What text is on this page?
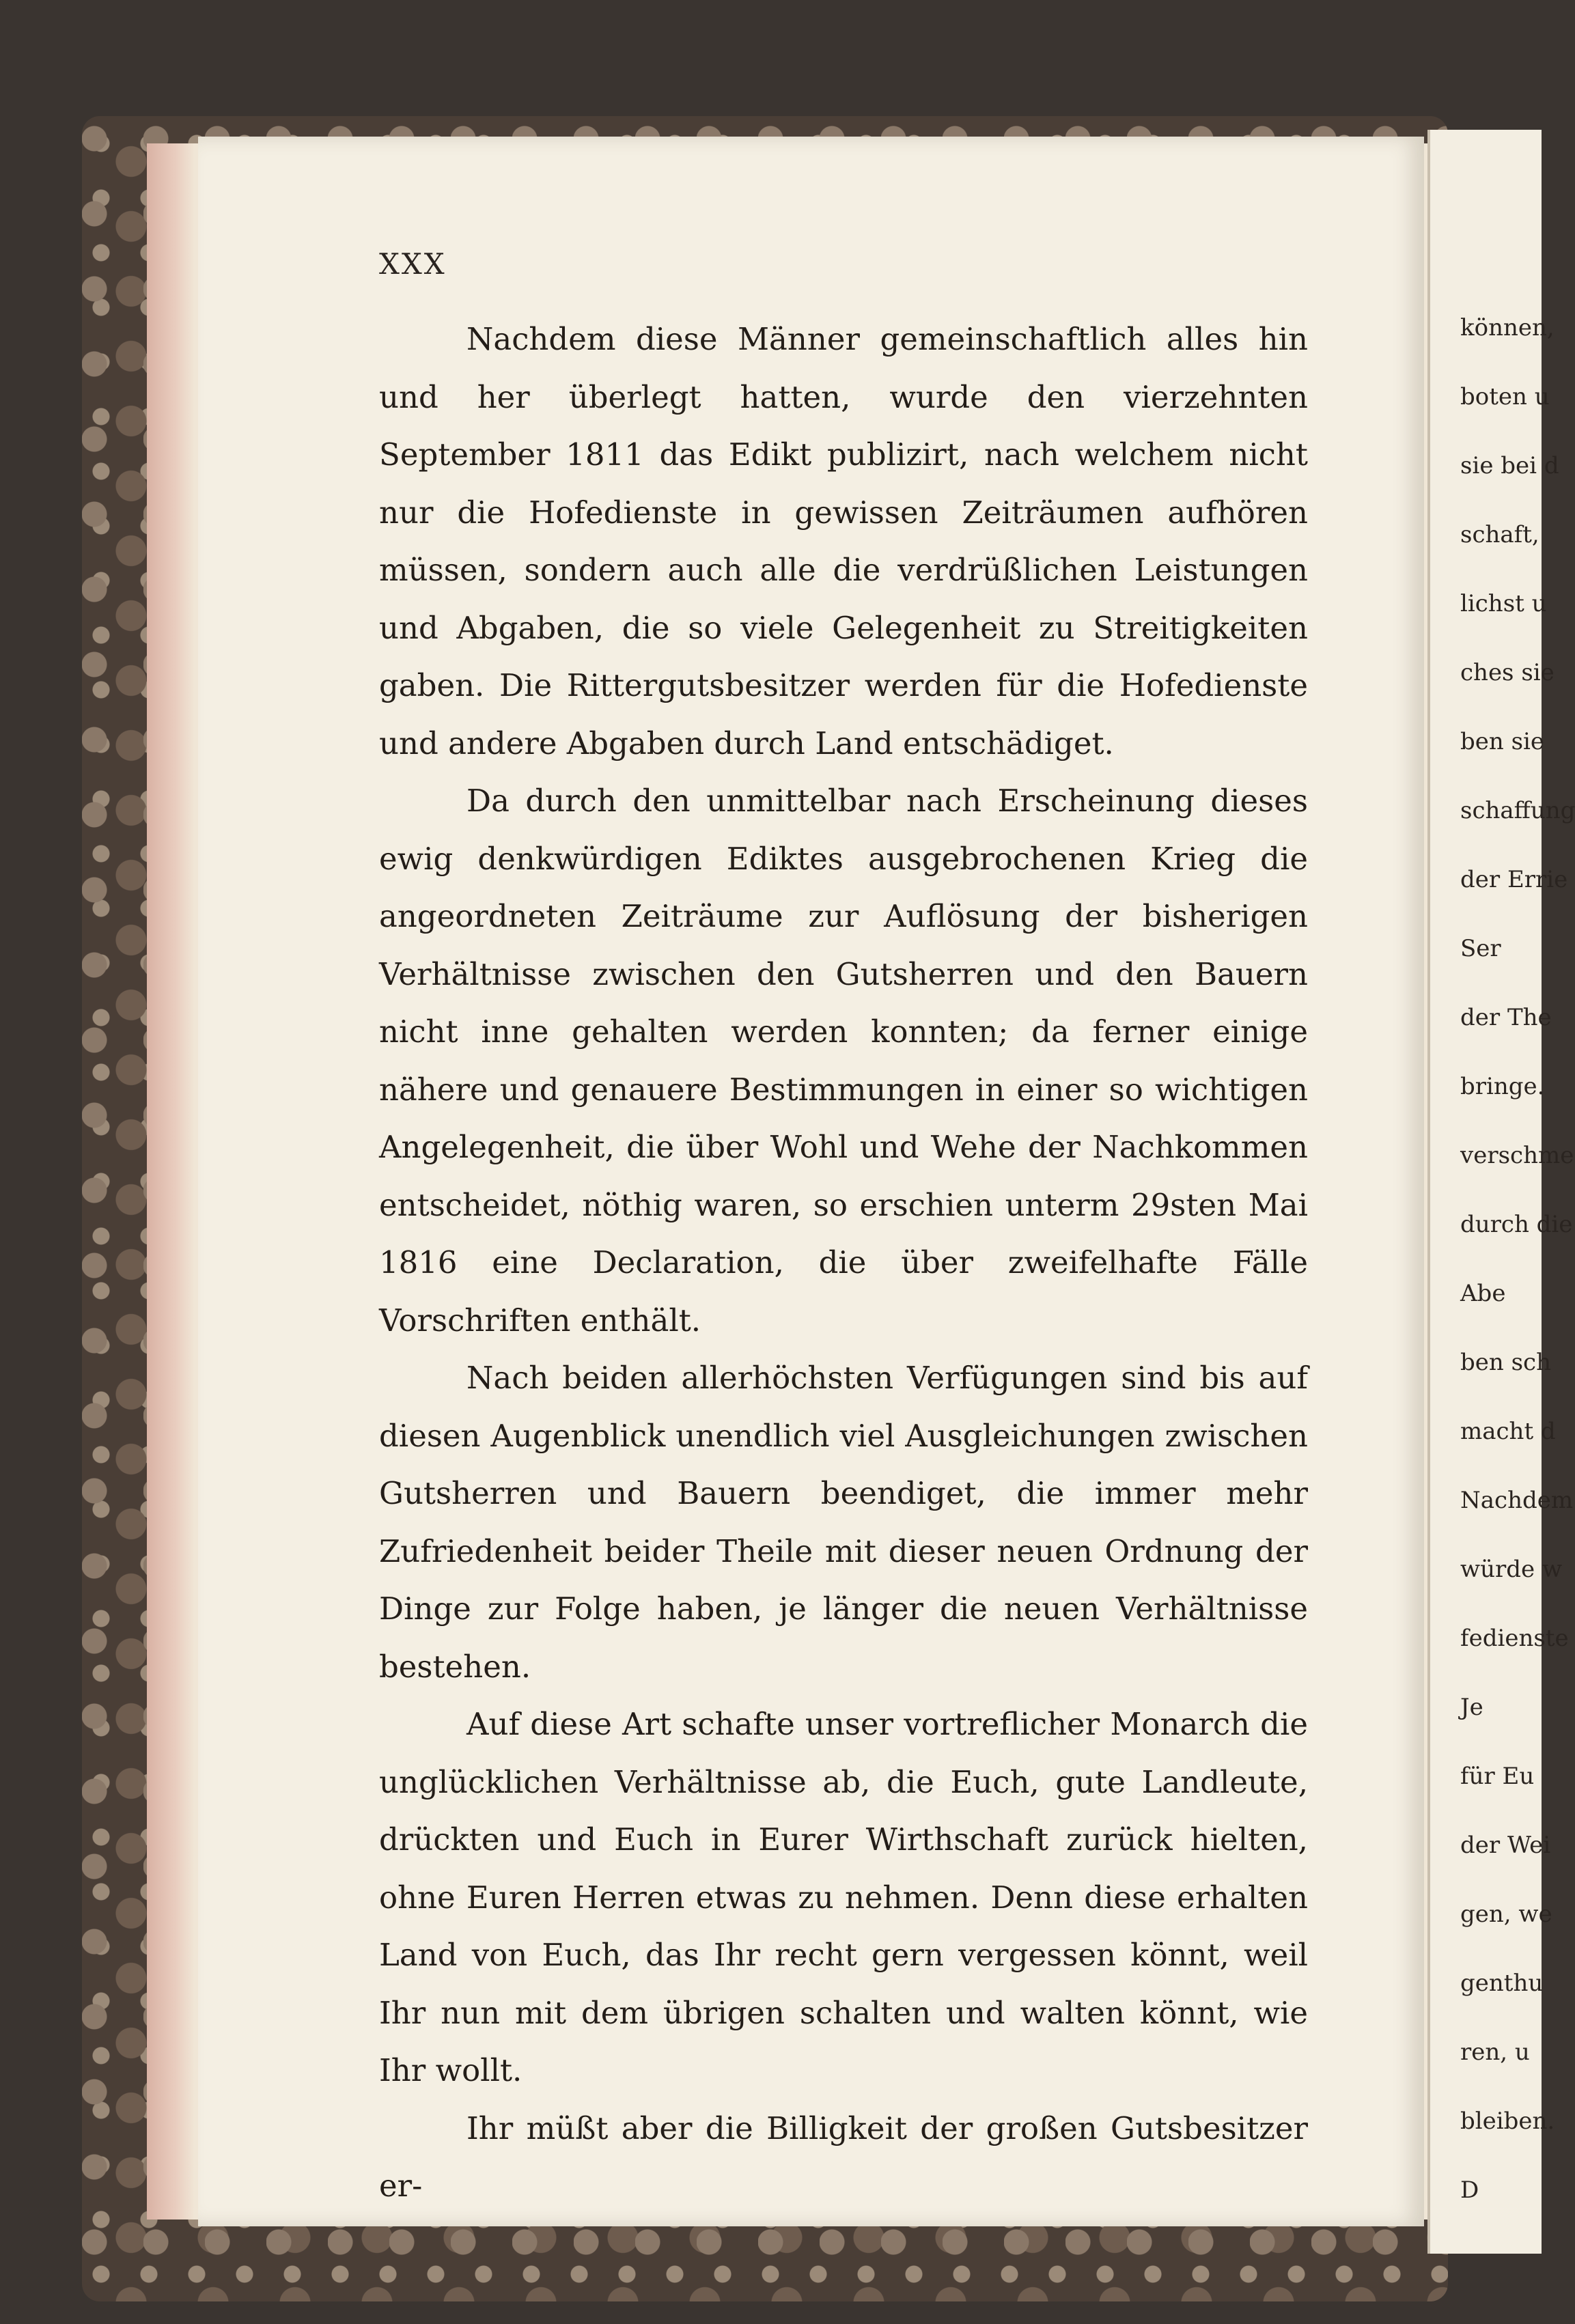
können,
boten u
sie bei d
schaft,
lichst u
ches sie
ben sie
schaffung
der Errie
Ser
der The
bringe.
verschme
durch die
Abe
ben sch
macht d
Nachdem
würde w
fedienste
Je
für Eu
der Wei
gen, we
genthu
ren, u
bleiben.
D
XXX

Nachdem diese Männer gemeinschaftlich alles hin und her überlegt hatten, wurde den vierzehnten September 1811 das Edikt publizirt, nach welchem nicht nur die Hofedienste in gewissen Zeiträumen aufhören müssen, sondern auch alle die verdrüßlichen Leistungen und Abgaben, die so viele Gelegenheit zu Streitigkeiten gaben. Die Rittergutsbesitzer werden für die Hofedienste und andere Abgaben durch Land entschädiget.

Da durch den unmittelbar nach Erscheinung dieses ewig denkwürdigen Ediktes ausgebrochenen Krieg die angeordneten Zeiträume zur Auflösung der bisherigen Verhältnisse zwischen den Gutsherren und den Bauern nicht inne gehalten werden konnten; da ferner einige nähere und genauere Bestimmungen in einer so wichtigen Angelegenheit, die über Wohl und Wehe der Nachkommen entscheidet, nöthig waren, so erschien unterm 29sten Mai 1816 eine Declaration, die über zweifelhafte Fälle Vorschriften enthält.

Nach beiden allerhöchsten Verfügungen sind bis auf diesen Augenblick unendlich viel Ausgleichungen zwischen Gutsherren und Bauern beendiget, die immer mehr Zufriedenheit beider Theile mit dieser neuen Ordnung der Dinge zur Folge haben, je länger die neuen Verhältnisse bestehen.

Auf diese Art schafte unser vortreflicher Monarch die unglücklichen Verhältnisse ab, die Euch, gute Landleute, drückten und Euch in Eurer Wirthschaft zurück hielten, ohne Euren Herren etwas zu nehmen. Denn diese erhalten Land von Euch, das Ihr recht gern vergessen könnt, weil Ihr nun mit dem übrigen schalten und walten könnt, wie Ihr wollt.

Ihr müßt aber die Billigkeit der großen Gutsbesitzer er-
